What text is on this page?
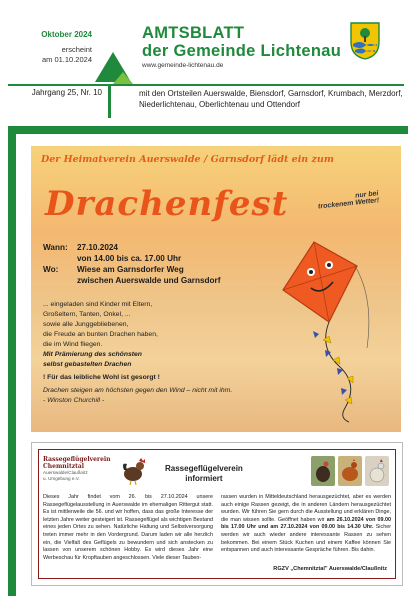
Oktober 2024
erscheint
am 01.10.2024
AMTSBLATT
der Gemeinde Lichtenau
www.gemeinde-lichtenau.de
Jahrgang 25, Nr. 10	mit den Ortsteilen Auerswalde, Biensdorf, Garnsdorf, Krumbach, Merzdorf, Niederlichtenau, Oberlichtenau und Ottendorf
Der Heimatverein Auerswalde / Garnsdorf lädt ein zum
Drachenfest	nur bei
trockenem Wetter!
Wann: 27.10.2024
von 14.00 bis ca. 17.00 Uhr
Wo: Wiese am Garnsdorfer Weg
zwischen Auerswalde und Garnsdorf
... eingeladen sind Kinder mit Eltern,
Großeltern, Tanten, Onkel, ...
sowie alle Junggebliebenen,
die Freude an bunten Drachen haben,
die im Wind fliegen.
Mit Prämierung des schönsten
selbst gebastelten Drachen
! Für das leibliche Wohl ist gesorgt !
Drachen steigen am höchsten gegen den Wind – nicht mit ihm.
- Winston Churchill -
Rassegeflügelverein
Chemnitztal
Auerswalde/Claußnitz
u. Umgebung e.V.
Rassegeflügelverein
informiert
Dieses Jahr findet vom 26. bis 27.10.2024 unsere Rassegeflügelausstellung in Auerswalde im ehemaligen Rittergut statt. Es ist mittlerweile die 56. und wir hoffen, dass das große Interesse der letzten Jahre weiter gesteigert ist. Rassegeflügel als wichtigen Bestand eines jeden Ortes zu sehen. Natürliche Haltung und Selbstversorgung treten immer mehr in den Vordergrund. Darum laden wir alle herzlich ein, die Vielfalt des Geflügels zu bewundern und sich anstecken zu lassen von unserem schönen Hobby. Es wird dieses Jahr eine Werbeschau für Kropftauben angeschlossen. Viele dieser Tauben-
rassen wurden in Mitteldeutschland herausgezüchtet, aber es werden auch einige Rassen gezeigt, die in anderen Ländern herausgezüchtet wurden. Wir führen Sie gern durch die Ausstellung und erklären Dinge, die man wissen sollte. Geöffnet haben wir am 26.10.2024 von 09.00 bis 17.00 Uhr und am 27.10.2024 von 09.00 bis 14.30 Uhr. Sicher werden wir auch wieder andere interessante Rassen zu sehen bekommen. Bei einem Stück Kuchen und einem Kaffee können Sie entspannen und auch interessante Gespräche führen. Bis dahin.
RGZV „Chemnitztal" Auerswalde/Claußnitz
